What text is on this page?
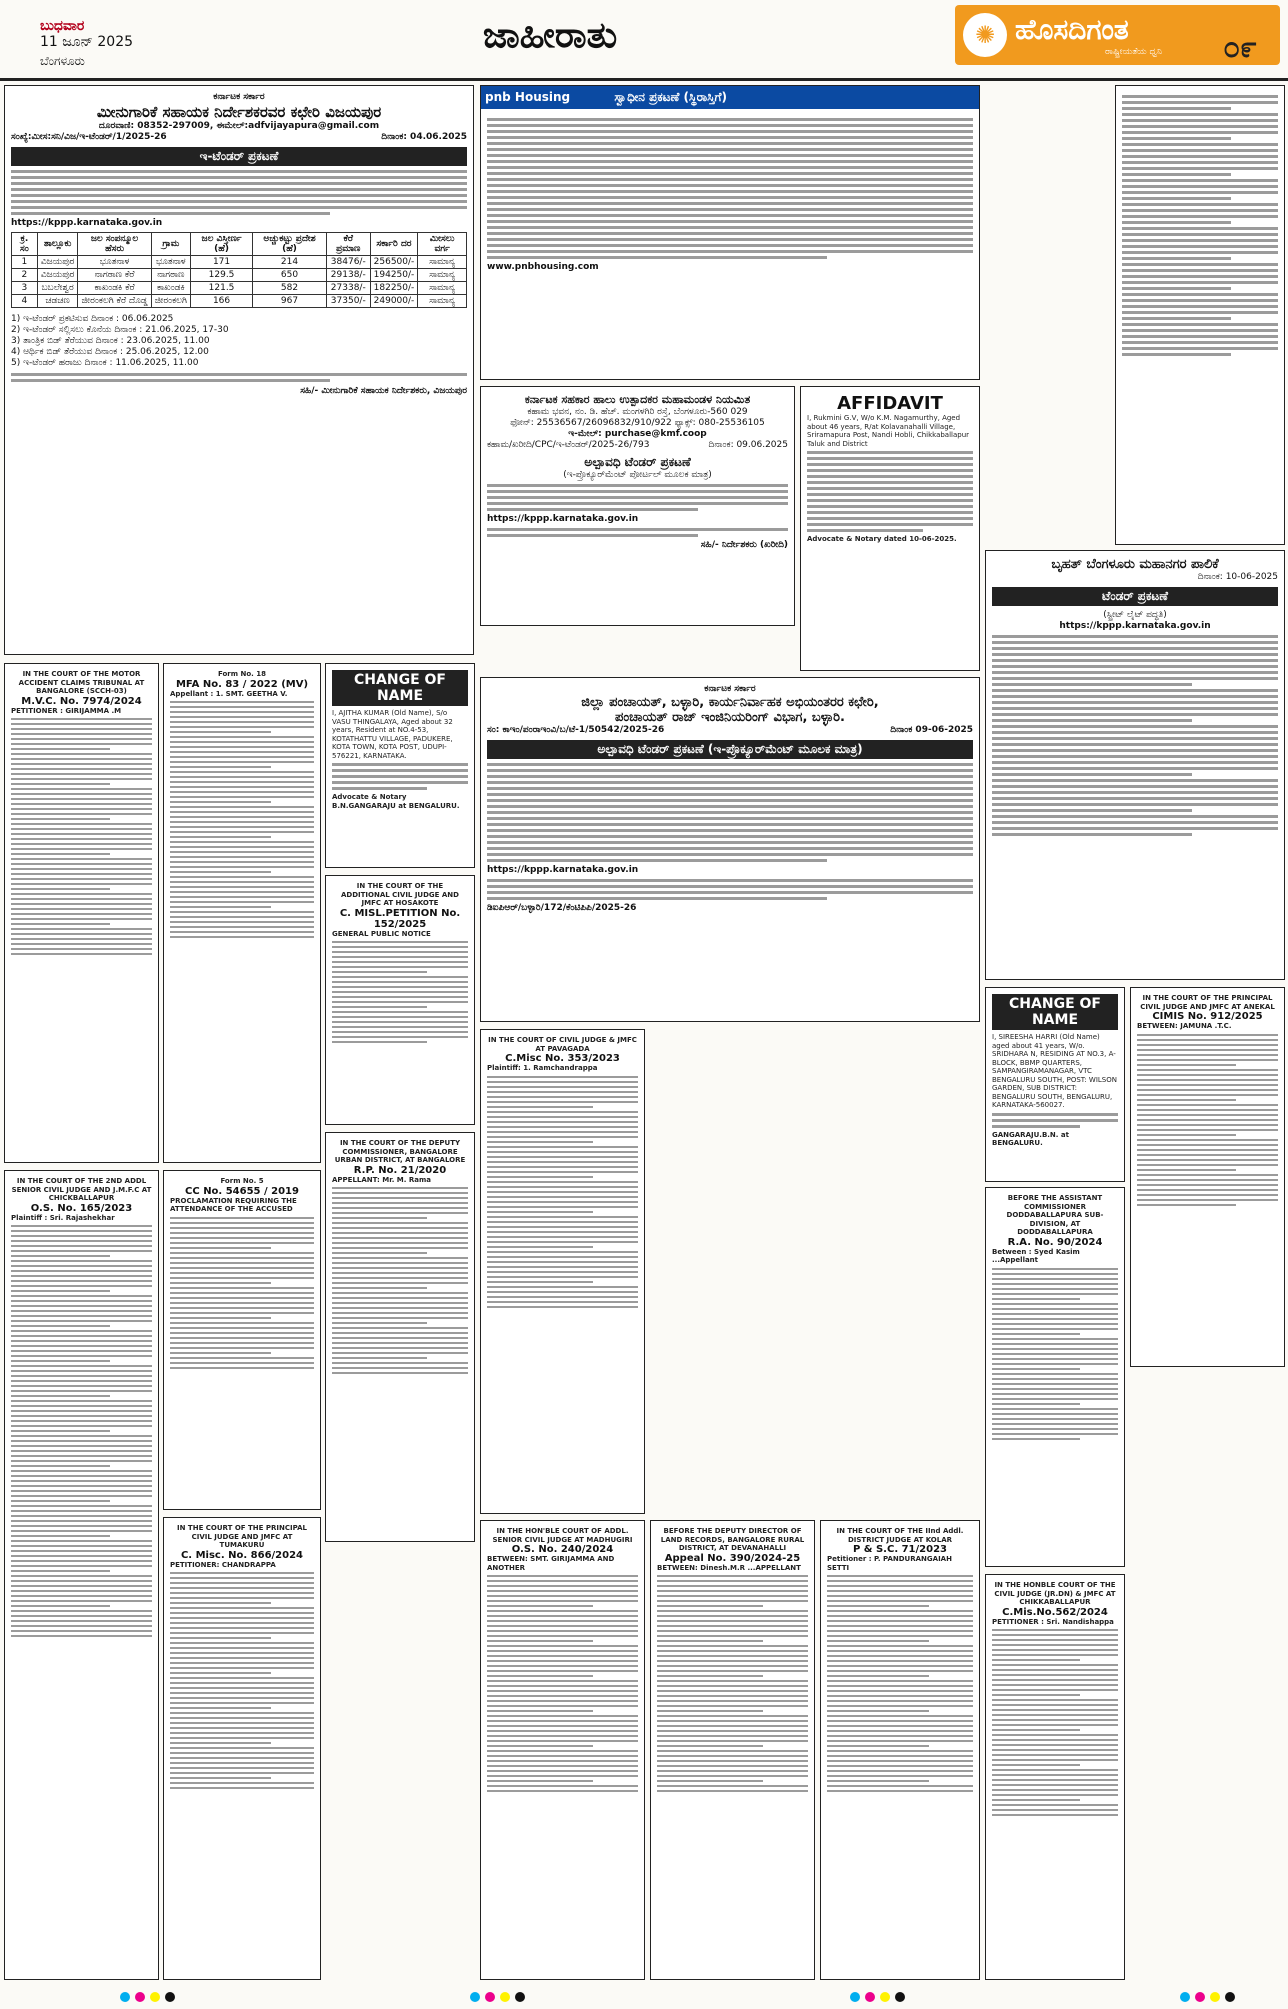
ಬುಧವಾರ
11 ಜೂನ್ 2025
ಬೆಂಗಳೂರು
ಜಾಹೀರಾತು	✺ ಹೊಸದಿಗಂತ
ರಾಷ್ಟ್ರೀಯತೆಯ ಧ್ವನಿ	೦೯
ಕರ್ನಾಟಕ ಸರ್ಕಾರ
ಮೀನುಗಾರಿಕೆ ಸಹಾಯಕ ನಿರ್ದೇಶಕರವರ ಕಛೇರಿ ವಿಜಯಪುರ
ದೂರವಾಣಿ: 08352-297009, ಈಮೇಲ್:adfvijayapura@gmail.com
ಸಂಖ್ಯೆ:ಮೀಸ:ಸನಿ/ವಿಜ/ಇ-ಟೆಂಡರ್/1/2025-26	ದಿನಾಂಕ: 04.06.2025
ಇ-ಟೆಂಡರ್ ಪ್ರಕಟಣೆ
https://kppp.karnataka.gov.in
ಕ್ರ. ಸಂ	ತಾಲ್ಲೂಕು	ಜಲ ಸಂಪನ್ಮೂಲ ಹೆಸರು	ಗ್ರಾಮ	ಜಲ ವಿಸ್ತೀರ್ಣ (ಹೆ)	ಅಚ್ಚುಕಟ್ಟು ಪ್ರದೇಶ (ಹೆ)	ಕೆರೆ ಪ್ರಮಾಣ	ಸರ್ಕಾರಿ ದರ	ಮೀಸಲು ವರ್ಗ
1	ವಿಜಯಪುರ	ಭೂತನಾಳ	ಭೂತನಾಳ	171	214	38476/-	256500/-	ಸಾಮಾನ್ಯ
2	ವಿಜಯಪುರ	ನಾಗಠಾಣ ಕೆರೆ	ನಾಗಠಾಣ	129.5	650	29138/-	194250/-	ಸಾಮಾನ್ಯ
3	ಬಬಲೇಶ್ವರ	ಕಾಖಂಡಕಿ ಕೆರೆ	ಕಾಖಂಡಕಿ	121.5	582	27338/-	182250/-	ಸಾಮಾನ್ಯ
4	ಚಡಚಣ	ಜೀರಂಕಲಗಿ ಕೆರೆ ದೊಡ್ಡ	ಜೀರಂಕಲಗಿ	166	967	37350/-	249000/-	ಸಾಮಾನ್ಯ
1) ಇ-ಟೆಂಡರ್ ಪ್ರಕಟಿಸುವ ದಿನಾಂಕ : 06.06.2025
2) ಇ-ಟೆಂಡರ್ ಸಲ್ಲಿಸಲು ಕೊನೆಯ ದಿನಾಂಕ : 21.06.2025, 17-30
3) ತಾಂತ್ರಿಕ ಬಿಡ್ ತೆರೆಯುವ ದಿನಾಂಕ : 23.06.2025, 11.00
4) ಆರ್ಥಿಕ ಬಿಡ್ ತೆರೆಯುವ ದಿನಾಂಕ : 25.06.2025, 12.00
5) ಇ-ಟೆಂಡರ್ ಹರಾಜು ದಿನಾಂಕ : 11.06.2025, 11.00
ಸಹಿ/- ಮೀನುಗಾರಿಕೆ ಸಹಾಯಕ ನಿರ್ದೇಶಕರು, ವಿಜಯಪುರ
pnb Housing	ಸ್ವಾಧೀನ ಪ್ರಕಟಣೆ (ಸ್ಥಿರಾಸ್ತಿಗೆ)
www.pnbhousing.com
ಕರ್ನಾಟಕ ಸಹಕಾರ ಹಾಲು ಉತ್ಪಾದಕರ ಮಹಾಮಂಡಳ ನಿಯಮಿತ
ಕಹಾಮ ಭವನ, ನಂ. ಡಿ. ಹೆಚ್. ಮಂಗಳಗಿರಿ ರಸ್ತೆ, ಬೆಂಗಳೂರು-560 029
ಫೋನ್: 25536567/26096832/910/922 ಫ್ಯಾಕ್ಸ್: 080-25536105
ಇ-ಮೇಲ್: purchase@kmf.coop
ಕಹಾಮ/ಖರೀದಿ/CPC/ಇ-ಟೆಂಡರ್/2025-26/793	ದಿನಾಂಕ: 09.06.2025
ಅಲ್ಪಾವಧಿ ಟೆಂಡರ್ ಪ್ರಕಟಣೆ
(ಇ-ಪ್ರೊಕ್ಯೂರ್‌ಮೆಂಟ್ ಪೋರ್ಟಲ್ ಮೂಲಕ ಮಾತ್ರ)
https://kppp.karnataka.gov.in
ಸಹಿ/- ನಿರ್ದೇಶಕರು (ಖರೀದಿ)
AFFIDAVIT
I, Rukmini G.V, W/o K.M. Nagamurthy, Aged about 46 years, R/at Kolavanahalli Village, Sriramapura Post, Nandi Hobli, Chikkaballapur Taluk and District
Advocate & Notary dated 10-06-2025.
ಬೃಹತ್ ಬೆಂಗಳೂರು ಮಹಾನಗರ ಪಾಲಿಕೆ
ದಿನಾಂಕ: 10-06-2025
ಟೆಂಡರ್ ಪ್ರಕಟಣೆ
(ಸ್ಟ್ರೀಟ್ ಲೈಟ್ ಪದ್ಧತಿ)
https://kppp.karnataka.gov.in
ಕರ್ನಾಟಕ ಸರ್ಕಾರ
ಜಿಲ್ಲಾ ಪಂಚಾಯತ್, ಬಳ್ಳಾರಿ, ಕಾರ್ಯನಿರ್ವಾಹಕ ಅಭಿಯಂತರರ ಕಛೇರಿ,
ಪಂಚಾಯತ್ ರಾಜ್ ಇಂಜಿನಿಯರಿಂಗ್ ವಿಭಾಗ, ಬಳ್ಳಾರಿ.
ಸಂ: ಕಾಇಂ/ಪಂರಾಇಂವಿ/ಬ/ಟೆ-1/50542/2025-26	ದಿನಾಂಕ 09-06-2025
ಅಲ್ಪಾವಧಿ ಟೆಂಡರ್ ಪ್ರಕಟಣೆ (ಇ-ಪ್ರೊಕ್ಯೂರ್‌ಮೆಂಟ್ ಮೂಲಕ ಮಾತ್ರ)
https://kppp.karnataka.gov.in
ಡಿಐಪಿಆರ್/ಬಳ್ಳಾರಿ/172/ಕೆಂಟಿಪಿಪಿ/2025-26
CHANGE OF NAME
I, AJITHA KUMAR (Old Name), S/o VASU THINGALAYA, Aged about 32 years, Resident at NO.4-53, KOTATHATTU VILLAGE, PADUKERE, KOTA TOWN, KOTA POST, UDUPI-576221, KARNATAKA.
Advocate & Notary B.N.GANGARAJU at BENGALURU.
CHANGE OF NAME
I, SIREESHA HARRI (Old Name) aged about 41 years, W/o. SRIDHARA N, RESIDING AT NO.3, A-BLOCK, BBMP QUARTERS, SAMPANGIRAMANAGAR, VTC BENGALURU SOUTH, POST: WILSON GARDEN, SUB DISTRICT: BENGALURU SOUTH, BENGALURU, KARNATAKA-560027.
GANGARAJU.B.N. at BENGALURU.
IN THE COURT OF THE MOTOR ACCIDENT CLAIMS TRIBUNAL AT BANGALORE (SCCH-03)
M.V.C. No. 7974/2024
PETITIONER : GIRIJAMMA .M
Form No. 18
MFA No. 83 / 2022 (MV)
Appellant : 1. SMT. GEETHA V.
IN THE COURT OF THE ADDITIONAL CIVIL JUDGE AND JMFC AT HOSAKOTE
C. MISL.PETITION No. 152/2025
GENERAL PUBLIC NOTICE
IN THE COURT OF THE 2ND ADDL SENIOR CIVIL JUDGE AND J.M.F.C AT CHICKBALLAPUR
O.S. No. 165/2023
Plaintiff : Sri. Rajashekhar
Form No. 5
CC No. 54655 / 2019
PROCLAMATION REQUIRING THE ATTENDANCE OF THE ACCUSED
IN THE COURT OF THE DEPUTY COMMISSIONER, BANGALORE URBAN DISTRICT, AT BANGALORE
R.P. No. 21/2020
APPELLANT: Mr. M. Rama
IN THE COURT OF CIVIL JUDGE & JMFC AT PAVAGADA
C.Misc No. 353/2023
Plaintiff: 1. Ramchandrappa
IN THE COURT OF THE PRINCIPAL CIVIL JUDGE AND JMFC AT TUMAKURU
C. Misc. No. 866/2024
PETITIONER: CHANDRAPPA
IN THE HON'BLE COURT OF ADDL. SENIOR CIVIL JUDGE AT MADHUGIRI
O.S. No. 240/2024
BETWEEN: SMT. GIRIJAMMA AND ANOTHER
BEFORE THE DEPUTY DIRECTOR OF LAND RECORDS, BANGALORE RURAL DISTRICT, AT DEVANAHALLI
Appeal No. 390/2024-25
BETWEEN: Dinesh.M.R ...APPELLANT
IN THE COURT OF THE IInd Addl. DISTRICT JUDGE AT KOLAR
P & S.C. 71/2023
Petitioner : P. PANDURANGAIAH SETTI
BEFORE THE ASSISTANT COMMISSIONER DODDABALLAPURA SUB-DIVISION, AT DODDABALLAPURA
R.A. No. 90/2024
Between : Syed Kasim ...Appellant
IN THE COURT OF THE PRINCIPAL CIVIL JUDGE AND JMFC AT ANEKAL
CIMIS No. 912/2025
BETWEEN: JAMUNA .T.C.
IN THE HONBLE COURT OF THE CIVIL JUDGE (JR.DN) & JMFC AT CHIKKABALLAPUR
C.Mis.No.562/2024
PETITIONER : Sri. Nandishappa
